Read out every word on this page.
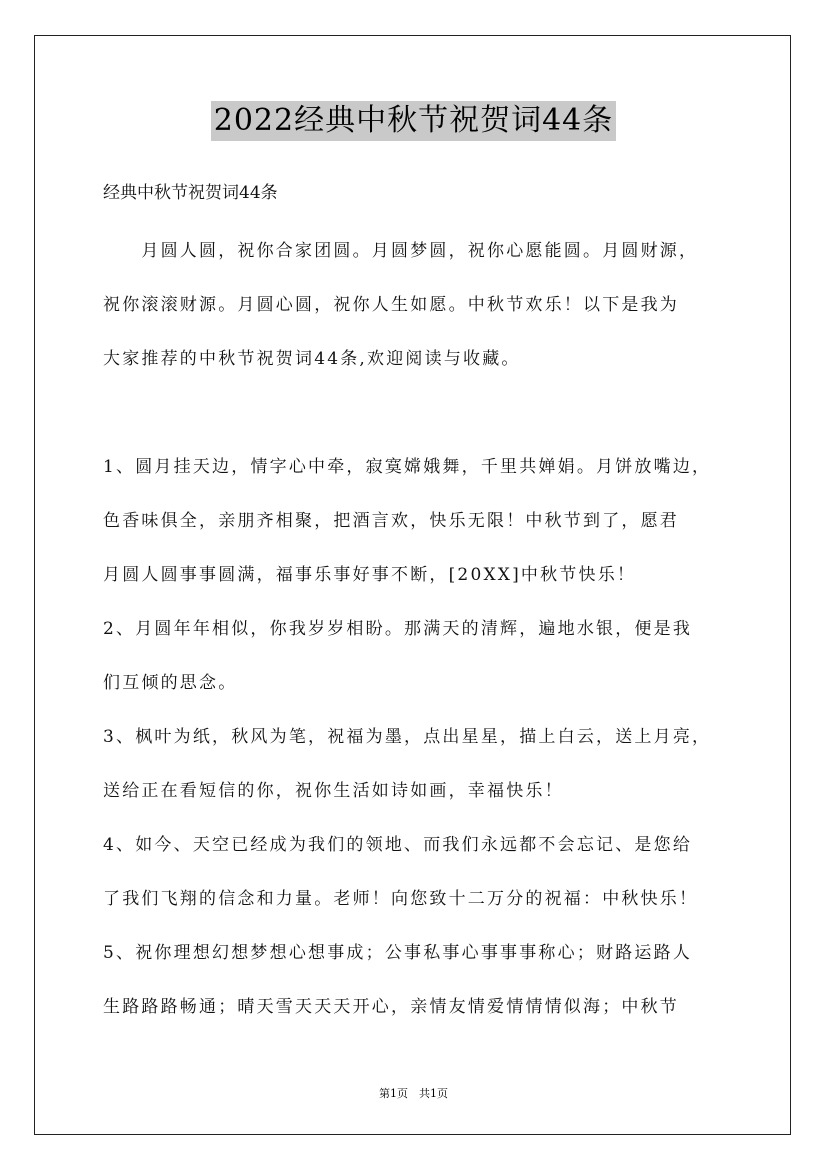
2022经典中秋节祝贺词44条

经典中秋节祝贺词44条

　　月圆人圆，祝你合家团圆。月圆梦圆，祝你心愿能圆。月圆财源，
祝你滚滚财源。月圆心圆，祝你人生如愿。中秋节欢乐！以下是我为
大家推荐的中秋节祝贺词44条,欢迎阅读与收藏。
1、圆月挂天边，情字心中牵，寂寞嫦娥舞，千里共婵娟。月饼放嘴边，
色香味俱全，亲朋齐相聚，把酒言欢，快乐无限！中秋节到了，愿君
月圆人圆事事圆满，福事乐事好事不断，[20XX]中秋节快乐！
2、月圆年年相似，你我岁岁相盼。那满天的清辉，遍地水银，便是我
们互倾的思念。
3、枫叶为纸，秋风为笔，祝福为墨，点出星星，描上白云，送上月亮，
送给正在看短信的你，祝你生活如诗如画，幸福快乐！
4、如今、天空已经成为我们的领地、而我们永远都不会忘记、是您给
了我们飞翔的信念和力量。老师！向您致十二万分的祝福：中秋快乐！
5、祝你理想幻想梦想心想事成；公事私事心事事事称心；财路运路人
生路路路畅通；晴天雪天天天开心，亲情友情爱情情情似海；中秋节
第1页　共1页
